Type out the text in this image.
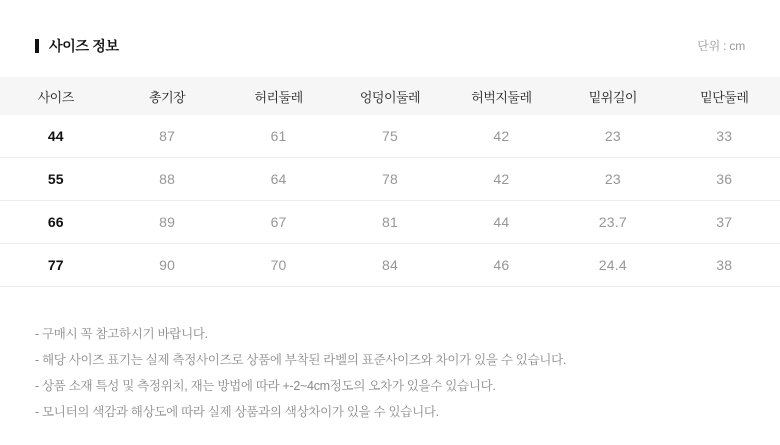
사이즈 정보	단위 : cm
사이즈	총기장	허리둘레	엉덩이둘레	허벅지둘레	밑위길이	밑단둘레
44	87	61	75	42	23	33
55	88	64	78	42	23	36
66	89	67	81	44	23.7	37
77	90	70	84	46	24.4	38
- 구매시 꼭 참고하시기 바랍니다.
- 해당 사이즈 표기는 실제 측정사이즈로 상품에 부착된 라벨의 표준사이즈와 차이가 있을 수 있습니다.
- 상품 소재 특성 및 측정위치, 재는 방법에 따라 +-2~4cm정도의 오차가 있을수 있습니다.
- 모니터의 색감과 해상도에 따라 실제 상품과의 색상차이가 있을 수 있습니다.
